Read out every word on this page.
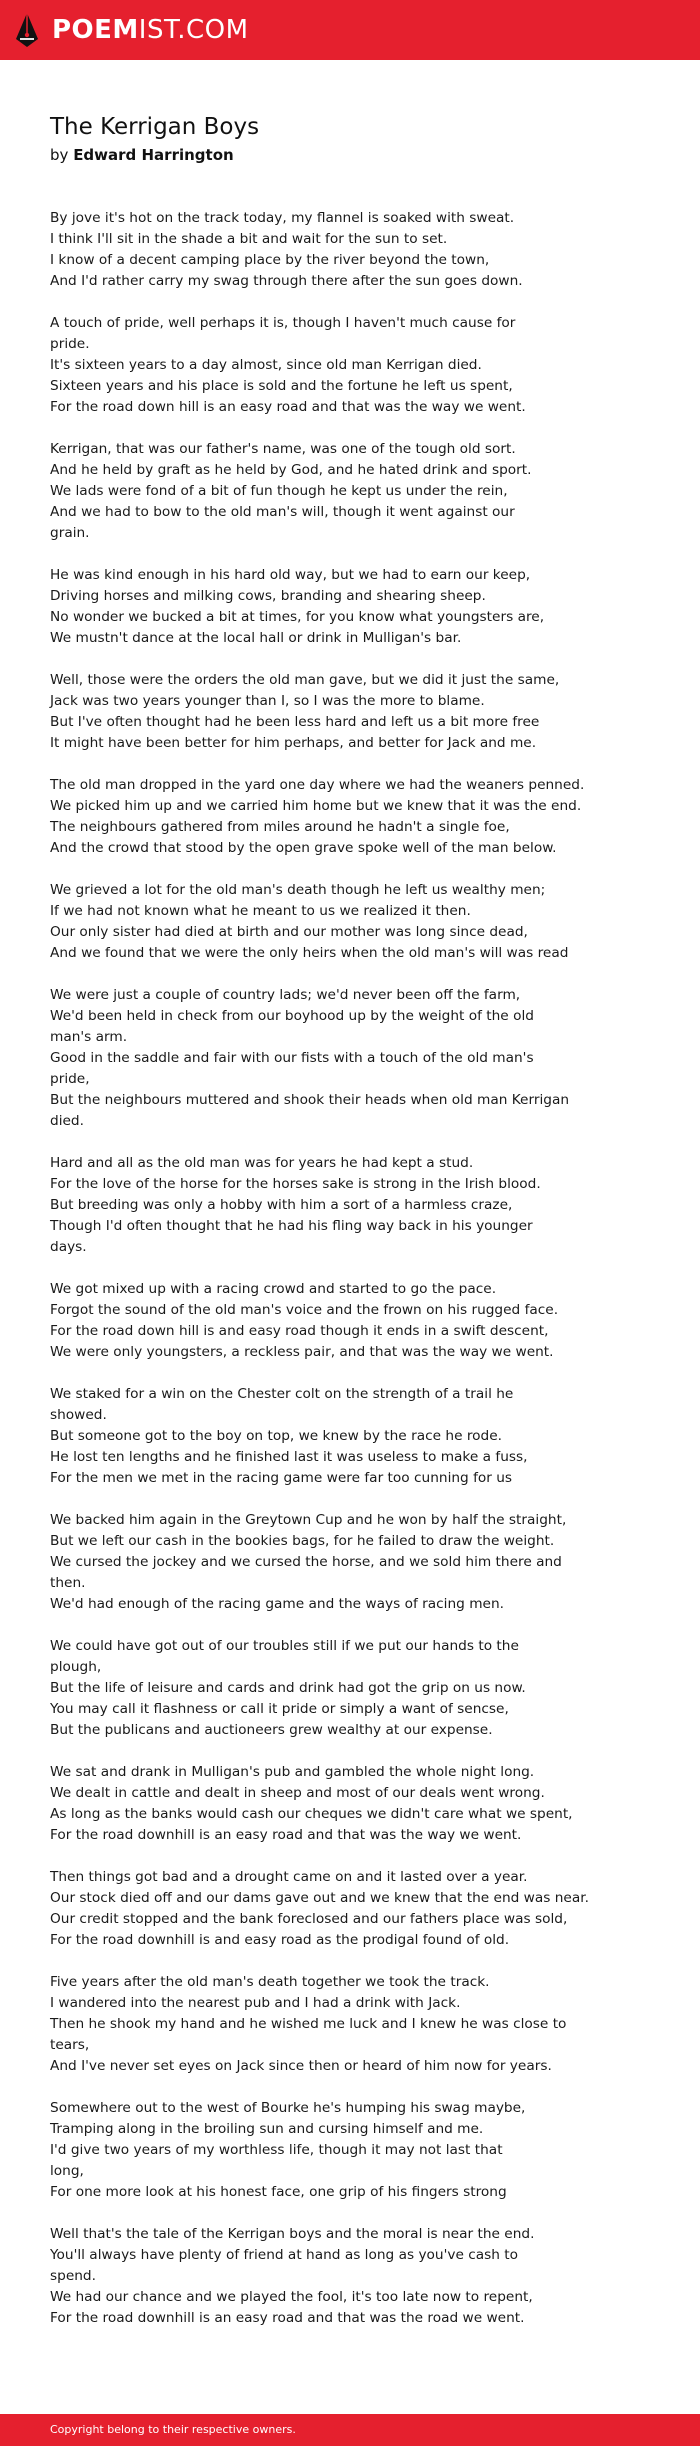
POEMIST.COM
The Kerrigan Boys
by Edward Harrington
By jove it's hot on the track today, my flannel is soaked with sweat.
I think I'll sit in the shade a bit and wait for the sun to set.
I know of a decent camping place by the river beyond the town,
And I'd rather carry my swag through there after the sun goes down.
A touch of pride, well perhaps it is, though I haven't much cause for
pride.
It's sixteen years to a day almost, since old man Kerrigan died.
Sixteen years and his place is sold and the fortune he left us spent,
For the road down hill is an easy road and that was the way we went.
Kerrigan, that was our father's name, was one of the tough old sort.
And he held by graft as he held by God, and he hated drink and sport.
We lads were fond of a bit of fun though he kept us under the rein,
And we had to bow to the old man's will, though it went against our
grain.
He was kind enough in his hard old way, but we had to earn our keep,
Driving horses and milking cows, branding and shearing sheep.
No wonder we bucked a bit at times, for you know what youngsters are,
We mustn't dance at the local hall or drink in Mulligan's bar.
Well, those were the orders the old man gave, but we did it just the same,
Jack was two years younger than I, so I was the more to blame.
But I've often thought had he been less hard and left us a bit more free
It might have been better for him perhaps, and better for Jack and me.
The old man dropped in the yard one day where we had the weaners penned.
We picked him up and we carried him home but we knew that it was the end.
The neighbours gathered from miles around he hadn't a single foe,
And the crowd that stood by the open grave spoke well of the man below.
We grieved a lot for the old man's death though he left us wealthy men;
If we had not known what he meant to us we realized it then.
Our only sister had died at birth and our mother was long since dead,
And we found that we were the only heirs when the old man's will was read
We were just a couple of country lads; we'd never been off the farm,
We'd been held in check from our boyhood up by the weight of the old
man's arm.
Good in the saddle and fair with our fists with a touch of the old man's
pride,
But the neighbours muttered and shook their heads when old man Kerrigan
died.
Hard and all as the old man was for years he had kept a stud.
For the love of the horse for the horses sake is strong in the Irish blood.
But breeding was only a hobby with him a sort of a harmless craze,
Though I'd often thought that he had his fling way back in his younger
days.
We got mixed up with a racing crowd and started to go the pace.
Forgot the sound of the old man's voice and the frown on his rugged face.
For the road down hill is and easy road though it ends in a swift descent,
We were only youngsters, a reckless pair, and that was the way we went.
We staked for a win on the Chester colt on the strength of a trail he
showed.
But someone got to the boy on top, we knew by the race he rode.
He lost ten lengths and he finished last it was useless to make a fuss,
For the men we met in the racing game were far too cunning for us
We backed him again in the Greytown Cup and he won by half the straight,
But we left our cash in the bookies bags, for he failed to draw the weight.
We cursed the jockey and we cursed the horse, and we sold him there and
then.
We'd had enough of the racing game and the ways of racing men.
We could have got out of our troubles still if we put our hands to the
plough,
But the life of leisure and cards and drink had got the grip on us now.
You may call it flashness or call it pride or simply a want of sencse,
But the publicans and auctioneers grew wealthy at our expense.
We sat and drank in Mulligan's pub and gambled the whole night long.
We dealt in cattle and dealt in sheep and most of our deals went wrong.
As long as the banks would cash our cheques we didn't care what we spent,
For the road downhill is an easy road and that was the way we went.
Then things got bad and a drought came on and it lasted over a year.
Our stock died off and our dams gave out and we knew that the end was near.
Our credit stopped and the bank foreclosed and our fathers place was sold,
For the road downhill is and easy road as the prodigal found of old.
Five years after the old man's death together we took the track.
I wandered into the nearest pub and I had a drink with Jack.
Then he shook my hand and he wished me luck and I knew he was close to
tears,
And I've never set eyes on Jack since then or heard of him now for years.
Somewhere out to the west of Bourke he's humping his swag maybe,
Tramping along in the broiling sun and cursing himself and me.
I'd give two years of my worthless life, though it may not last that
long,
For one more look at his honest face, one grip of his fingers strong
Well that's the tale of the Kerrigan boys and the moral is near the end.
You'll always have plenty of friend at hand as long as you've cash to
spend.
We had our chance and we played the fool, it's too late now to repent,
For the road downhill is an easy road and that was the road we went.
Copyright belong to their respective owners.
